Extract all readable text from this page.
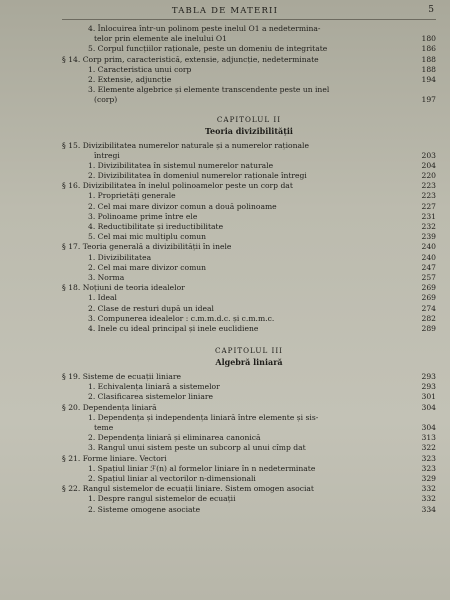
TABLA DE MATERII	5
4. Înlocuirea într-un polinom peste inelul O1 a nedetermina-
telor prin elemente ale inelului O1	180
5. Corpul funcțiilor raționale, peste un domeniu de integritate	186
§ 14. Corp prim, caracteristică, extensie, adjuncție, nedeterminate	188
1. Caracteristica unui corp	188
2. Extensie, adjuncție	194
3. Elemente algebrice și elemente transcendente peste un inel
(corp)	197
CAPITOLUL II
Teoria divizibilității
§ 15. Divizibilitatea numerelor naturale și a numerelor raționale
întregi	203
1. Divizibilitatea în sistemul numerelor naturale	204
2. Divizibilitatea în domeniul numerelor raționale întregi	220
§ 16. Divizibilitatea în inelul polinoamelor peste un corp dat	223
1. Proprietăți generale	223
2. Cel mai mare divizor comun a două polinoame	227
3. Polinoame prime între ele	231
4. Reductibilitate și ireductibilitate	232
5. Cel mai mic multiplu comun	239
§ 17. Teoria generală a divizibilității în inele	240
1. Divizibilitatea	240
2. Cel mai mare divizor comun	247
3. Norma	257
§ 18. Noțiuni de teoria idealelor	269
1. Ideal	269
2. Clase de resturi după un ideal	274
3. Compunerea idealelor : c.m.m.d.c. și c.m.m.c.	282
4. Inele cu ideal principal și inele euclidiene	289
CAPITOLUL III
Algebră liniară
§ 19. Sisteme de ecuații liniare	293
1. Echivalența liniară a sistemelor	293
2. Clasificarea sistemelor liniare	301
§ 20. Dependența liniară	304
1. Dependența și independența liniară între elemente și sis-
teme	304
2. Dependența liniară și eliminarea canonică	313
3. Rangul unui sistem peste un subcorp al unui cîmp dat	322
§ 21. Forme liniare. Vectori	323
1. Spațiul liniar ℱ(n) al formelor liniare în n nedeterminate	323
2. Spațiul liniar al vectorilor n-dimensionali	329
§ 22. Rangul sistemelor de ecuații liniare. Sistem omogen asociat	332
1. Despre rangul sistemelor de ecuații	332
2. Sisteme omogene asociate	334
